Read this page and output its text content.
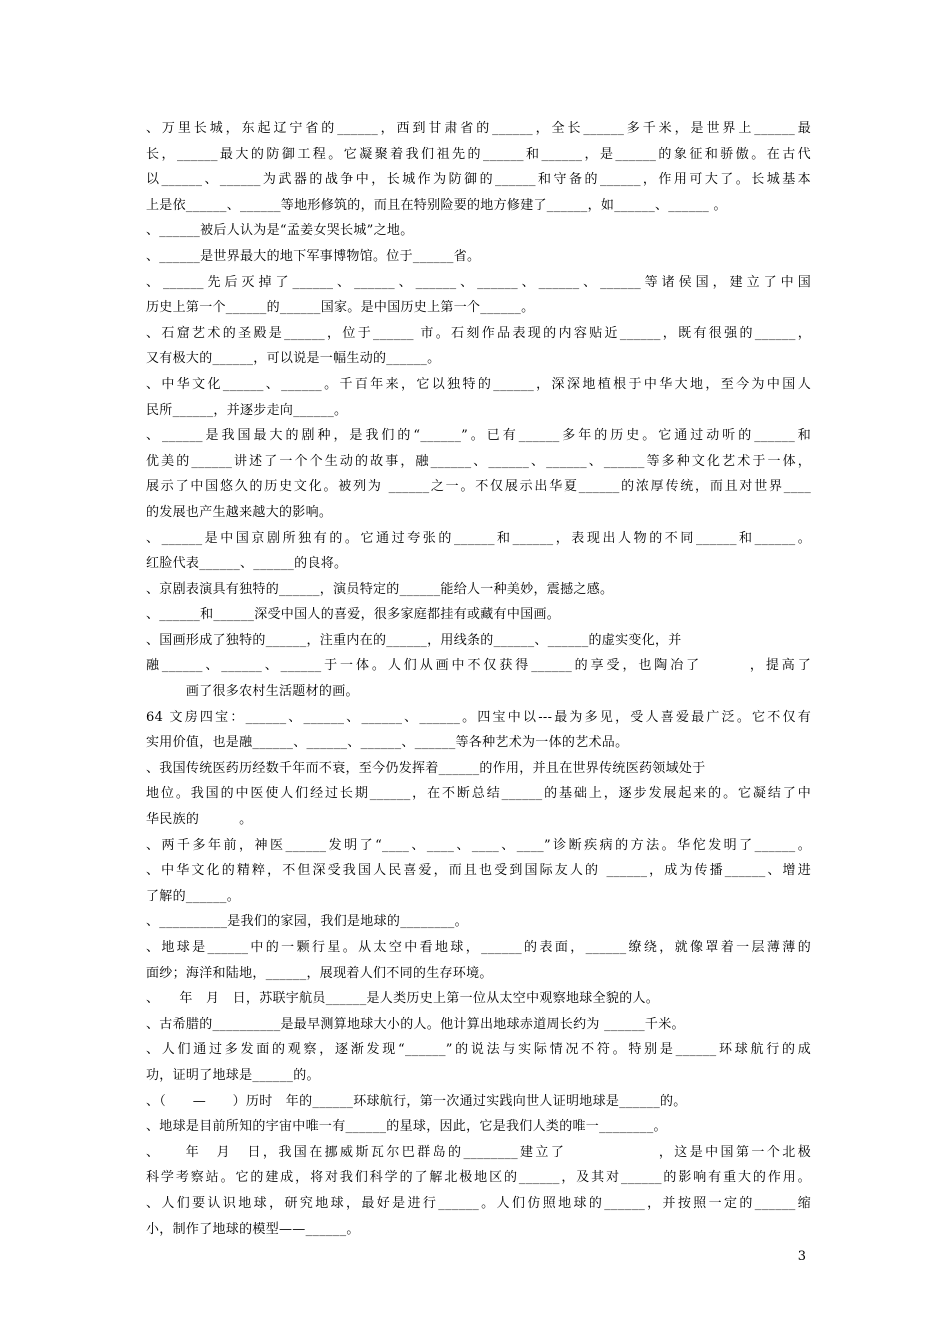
、万里长城，东起辽宁省的______，西到甘肃省的______，全长______多千米，是世界上______最
长，______最大的防御工程。它凝聚着我们祖先的______和______，是______的象征和骄傲。在古代
以______、______为武器的战争中，长城作为防御的______和守备的______，作用可大了。长城基本
上是依______、______等地形修筑的，而且在特别险要的地方修建了______，如______、______ 。
、______被后人认为是“孟姜女哭长城”之地。
、______是世界最大的地下军事博物馆。位于______省。
、______先后灭掉了______、______、______、______、______、______等诸侯国，建立了中国
历史上第一个______的______国家。是中国历史上第一个______。
、石窟艺术的圣殿是______，位于______ 市。石刻作品表现的内容贴近______，既有很强的______，
又有极大的______，可以说是一幅生动的______。
、中华文化______、______。千百年来，它以独特的______，深深地植根于中华大地，至今为中国人
民所______，并逐步走向______。
、______是我国最大的剧种，是我们的“______”。已有______多年的历史。它通过动听的______和
优美的______讲述了一个个生动的故事，融______、______、______、______等多种文化艺术于一体，
展示了中国悠久的历史文化。被列为 ______之一。不仅展示出华夏______的浓厚传统，而且对世界____
的发展也产生越来越大的影响。
、______是中国京剧所独有的。它通过夸张的______和______，表现出人物的不同______和______。
红脸代表______、______的良将。
、京剧表演具有独特的______，演员特定的______能给人一种美妙，震撼之感。
、______和______深受中国人的喜爱，很多家庭都挂有或藏有中国画。
、国画形成了独特的______，注重内在的______，用线条的______、______的虚实变化，并
融______、______、______于一体。人们从画中不仅获得______的享受，也陶冶了　　　，提高了
　　　画了很多农村生活题材的画。
64 文房四宝：______、______、______、______。四宝中以---最为多见，受人喜爱最广泛。它不仅有
实用价值，也是融______、______、______、______等各种艺术为一体的艺术品。
、我国传统医药历经数千年而不衰，至今仍发挥着______的作用，并且在世界传统医药领域处于
地位。我国的中医使人们经过长期______，在不断总结______的基础上，逐步发展起来的。它凝结了中
华民族的　　　。
、两千多年前，神医______发明了“____、____、____、____”诊断疾病的方法。华佗发明了______。
、中华文化的精粹，不但深受我国人民喜爱，而且也受到国际友人的 ______，成为传播______、增进
了解的______。
、__________是我们的家园，我们是地球的________。
、地球是______中的一颗行星。从太空中看地球，______的表面，______缭绕，就像罩着一层薄薄的
面纱；海洋和陆地，______，展现着人们不同的生存环境。
、　　年　月　日，苏联宇航员______是人类历史上第一位从太空中观察地球全貌的人。
、古希腊的__________是最早测算地球大小的人。他计算出地球赤道周长约为 ______千米。
、人们通过多发面的观察，逐渐发现“______”的说法与实际情况不符。特别是______环球航行的成
功，证明了地球是______的。
、（　　—　　）历时　年的______环球航行，第一次通过实践向世人证明地球是______的。
、地球是目前所知的宇宙中唯一有______的星球，因此，它是我们人类的唯一________。
、　　年　月　日，我国在挪威斯瓦尔巴群岛的________建立了　　　　　　，这是中国第一个北极
科学考察站。它的建成，将对我们科学的了解北极地区的______，及其对______的影响有重大的作用。
、人们要认识地球，研究地球，最好是进行______。人们仿照地球的______，并按照一定的______缩
小，制作了地球的模型——______。
3
